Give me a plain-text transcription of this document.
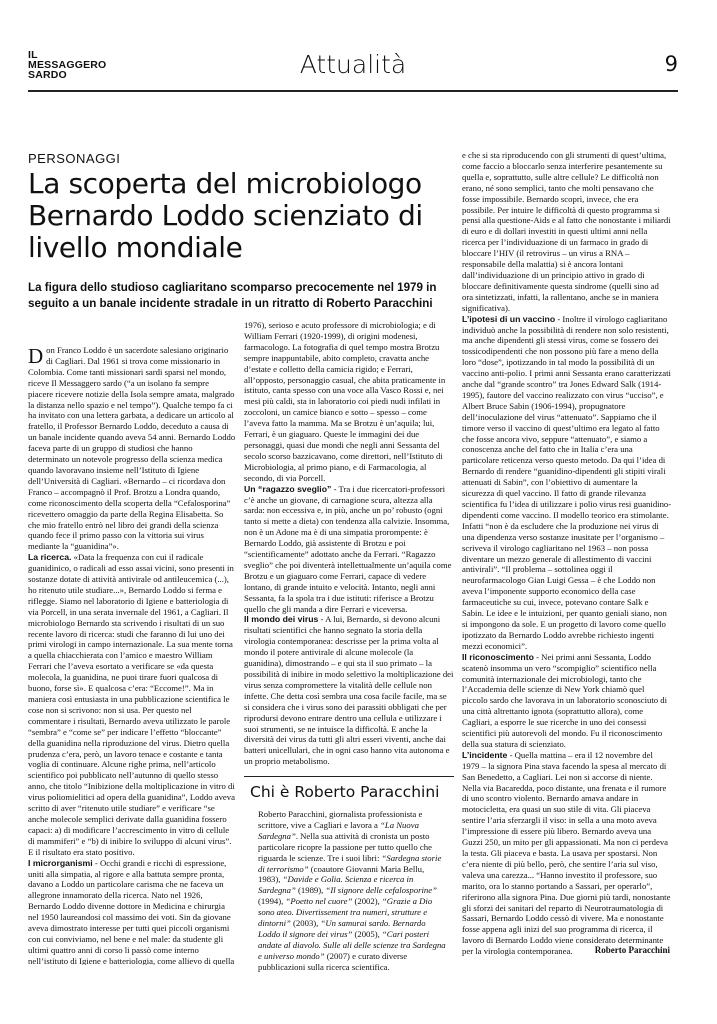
IL
MESSAGGERO
SARDO	Attualità	9
PERSONAGGI
La scoperta del microbiologo Bernardo Loddo scienziato di livello mondiale
La figura dello studioso cagliaritano scomparso precocemente nel 1979 in seguito a un banale incidente stradale in un ritratto di Roberto Paracchini

Don Franco Loddo è un sacerdote salesiano originario di Cagliari. Dal 1961 si trova come missionario in Colombia. Come tanti missionari sardi sparsi nel mondo, riceve Il Messaggero sardo (“a un isolano fa sempre piacere ricevere notizie della Isola sempre amata, malgrado la distanza nello spazio e nel tempo”). Qualche tempo fa ci ha invitato con una lettera garbata, a dedicare un articolo al fratello, il Professor Bernardo Loddo, deceduto a causa di un banale incidente quando aveva 54 anni. Bernardo Loddo faceva parte di un gruppo di studiosi che hanno determinato un notevole progresso della scienza medica quando lavoravano insieme nell’Istituto di Igiene dell’Università di Cagliari. «Bernardo – ci ricordava don Franco – accompagnò il Prof. Brotzu a Londra quando, come riconoscimento della scoperta della “Cefalosporina” ricevettero omaggio da parte della Regina Elisabetta. So che mio fratello entrò nel libro dei grandi della scienza quando fece il primo passo con la vittoria sui virus mediante la “guanidina”».

La ricerca. «Data la frequenza con cui il radicale guanidinico, o radicali ad esso assai vicini, sono presenti in sostanze dotate di attività antivirale od antileucemica (...), ho ritenuto utile studiare...», Bernardo Loddo si ferma e riflegge. Siamo nel laboratorio di Igiene e batteriologia di via Porcell, in una serata invernale del 1961, a Cagliari. Il microbiologo Bernardo sta scrivendo i risultati di un suo recente lavoro di ricerca: studi che faranno di lui uno dei primi virologi in campo internazionale. La sua mente torna a quella chiacchierata con l’amico e maestro William Ferrari che l’aveva esortato a verificare se «da questa molecola, la guanidina, ne puoi tirare fuori qualcosa di buono, forse sì». E qualcosa c’era: “Eccome!”. Ma in maniera così entusiasta in una pubblicazione scientifica le cose non si scrivono: non si usa. Per questo nel commentare i risultati, Bernardo aveva utilizzato le parole “sembra” e “come se” per indicare l’effetto “bloccante” della guanidina nella riproduzione del virus. Dietro quella prudenza c’era, però, un lavoro tenace e costante e tanta voglia di continuare. Alcune righe prima, nell’articolo scientifico poi pubblicato nell’autunno di quello stesso anno, che titolo “Inibizione della moltiplicazione in vitro di virus poliomielitici ad opera della guanidina”, Loddo aveva scritto di aver “ritenuto utile studiare” e verificare “se anche molecole semplici derivate dalla guanidina fossero capaci: a) di modificare l’accrescimento in vitro di cellule di mammiferi” e “b) di inibire lo sviluppo di alcuni virus”. E il risultato era stato positivo.

I microrganismi - Occhi grandi e ricchi di espressione, uniti alla simpatia, al rigore e alla battuta sempre pronta, davano a Loddo un particolare carisma che ne faceva un allegrone innamorato della ricerca. Nato nel 1926, Bernardo Loddo divenne dottore in Medicina e chirurgia nel 1950 laureandosi col massimo dei voti. Sin da giovane aveva dimostrato interesse per tutti quei piccoli organismi con cui conviviamo, nel bene e nel male: da studente gli ultimi quattro anni di corso li passò come interno nell’istituto di Igiene e batteriologia, come allievo di quella

1976), serioso e acuto professore di microbiologia; e di William Ferrari (1920-1999), di origini modenesi, farmacologo. La fotografia di quel tempo mostra Brotzu sempre inappuntabile, abito completo, cravatta anche d’estate e colletto della camicia rigido; e Ferrari, all’opposto, personaggio casual, che abita praticamente in istituto, canta spesso con una voce alla Vasco Rossi e, nei mesi più caldi, sta in laboratorio coi piedi nudi infilati in zoccoloni, un camice bianco e sotto – spesso – come l’aveva fatto la mamma. Ma se Brotzu è un’aquila; lui, Ferrari, è un giaguaro. Queste le immagini dei due personaggi, quasi due mondi che negli anni Sessanta del secolo scorso bazzicavano, come direttori, nell’Istituto di Microbiologia, al primo piano, e di Farmacologia, al secondo, di via Porcell.

Un “ragazzo sveglio” - Tra i due ricercatori-professori c’è anche un giovane, di carnagione scura, altezza alla sarda: non eccessiva e, in più, anche un po’ robusto (ogni tanto si mette a dieta) con tendenza alla calvizie. Insomma, non è un Adone ma è di una simpatia prorompente: è Bernardo Loddo, già assistente di Brotzu e poi “scientificamente” adottato anche da Ferrari. “Ragazzo sveglio” che poi diventerà intellettualmente un’aquila come Brotzu e un giaguaro come Ferrari, capace di vedere lontano, di grande intuito e velocità. Intanto, negli anni Sessanta, fa la spola tra i due istituti: riferisce a Brotzu quello che gli manda a dire Ferrari e viceversa.

Il mondo dei virus - A lui, Bernardo, si devono alcuni risultati scientifici che hanno segnato la storia della virologia contemporanea: descrisse per la prima volta al mondo il potere antivirale di alcune molecole (la guanidina), dimostrando – e qui sta il suo primato – la possibilità di inibire in modo selettivo la moltiplicazione dei virus senza compromettere la vitalità delle cellule non infette. Che detta così sembra una cosa facile facile, ma se si considera che i virus sono dei parassiti obbligati che per riprodursi devono entrare dentro una cellula e utilizzare i suoi strumenti, se ne intuisce la difficoltà. E anche la diversità dei virus da tutti gli altri esseri viventi, anche dai batteri unicellulari, che in ogni caso hanno vita autonoma e un proprio metabolismo.

e che si sta riproducendo con gli strumenti di quest’ultima, come faccio a bloccarlo senza interferire pesantemente su quella e, soprattutto, sulle altre cellule? Le difficoltà non erano, né sono semplici, tanto che molti pensavano che fosse impossibile. Bernardo scoprì, invece, che era possibile. Per intuire le difficoltà di questo programma si pensi alla questione-Aids e al fatto che nonostante i miliardi di euro e di dollari investiti in questi ultimi anni nella ricerca per l’individuazione di un farmaco in grado di bloccare l’HIV (il retrovirus – un virus a RNA – responsabile della malattia) si è ancora lontani dall’individuazione di un principio attivo in grado di bloccare definitivamente questa sindrome (quelli sino ad ora sintetizzati, infatti, la rallentano, anche se in maniera significativa).

L’ipotesi di un vaccino - Inoltre il virologo cagliaritano individuò anche la possibilità di rendere non solo resistenti, ma anche dipendenti gli stessi virus, come se fossero dei tossicodipendenti che non possono più fare a meno della loro “dose”, ipotizzando in tal modo la possibilità di un vaccino anti-polio. I primi anni Sessanta erano caratterizzati anche dal “grande scontro” tra Jones Edward Salk (1914-1995), fautore del vaccino realizzato con virus “ucciso”, e Albert Bruce Sabin (1906-1994), propugnatore dell’inoculazione del virus “attenuato”. Sappiamo che il timore verso il vaccino di quest’ultimo era legato al fatto che fosse ancora vivo, seppure “attenuato”, e siamo a conoscenza anche del fatto che in Italia c’era una particolare reticenza verso questo metodo. Da qui l’idea di Bernardo di rendere “guanidino-dipendenti gli stipiti virali attenuati di Sabin”, con l’obiettivo di aumentare la sicurezza di quel vaccino. Il fatto di grande rilevanza scientifica fu l’idea di utilizzare i polio virus resi guanidino-dipendenti come vaccino. Il modello teorico era stimolante. Infatti “non è da escludere che la produzione nei virus di una dipendenza verso sostanze inusitate per l’organismo – scriveva il virologo cagliaritano nel 1963 – non possa diventare un mezzo generale di allestimento di vaccini antivirali”. “Il problema – sottolinea oggi il neurofarmacologo Gian Luigi Gessa – è che Loddo non aveva l’imponente supporto economico della case farmaceutiche su cui, invece, potevano contare Salk e Sabin. Le idee e le intuizioni, per quanto geniali siano, non si impongono da sole. E un progetto di lavoro come quello ipotizzato da Bernardo Loddo avrebbe richiesto ingenti mezzi economici”.

Il riconoscimento - Nei primi anni Sessanta, Loddo scatenò insomma un vero “scompiglio” scientifico nella comunità internazionale dei microbiologi, tanto che l’Accademia delle scienze di New York chiamò quel piccolo sardo che lavorava in un laboratorio sconosciuto di una città altrettanto ignota (soprattutto allora), come Cagliari, a esporre le sue ricerche in uno dei consessi scientifici più autorevoli del mondo. Fu il riconoscimento della sua statura di scienziato.

L’incidente - Quella mattina – era il 12 novembre del 1979 – la signora Pina stava facendo la spesa al mercato di San Benedetto, a Cagliari. Lei non si accorse di niente. Nella via Bacaredda, poco distante, una frenata e il rumore di uno scontro violento. Bernardo amava andare in motocicletta, era quasi un suo stile di vita. Gli piaceva sentire l’aria sferzargli il viso: in sella a una moto aveva l’impressione di essere più libero. Bernardo aveva una Guzzi 250, un mito per gli appassionati. Ma non ci perdeva la testa. Gli piaceva e basta. La usava per spostarsi. Non c’era niente di più bello, però, che sentire l’aria sul viso, valeva una carezza... “Hanno investito il professore, suo marito, ora lo stanno portando a Sassari, per operarlo”, riferirono alla signora Pina. Due giorni più tardi, nonostante gli sforzi dei sanitari del reparto di Neurotraumatologia di Sassari, Bernardo Loddo cessò di vivere. Ma e nonostante fosse appena agli inizi del suo programma di ricerca, il lavoro di Bernardo Loddo viene considerato determinante per la virologia contemporanea.

Chi è Roberto Paracchini
Roberto Paracchini, giornalista professionista e scrittore, vive a Cagliari e lavora a “La Nuova Sardegna”. Nella sua attività di cronista un posto particolare ricopre la passione per tutto quello che riguarda le scienze. Tre i suoi libri: “Sardegna storie di terrorismo” (coautore Giovanni Maria Bellu, 1983), “Davide e Golia. Scienza e ricerca in Sardegna” (1989), “Il signore delle cefalosporine” (1994), “Poetto nel cuore” (2002), “Grazie a Dio sono ateo. Divertissement tra numeri, strutture e dintorni” (2003), “Un samurai sardo. Bernardo Loddo il signore dei virus” (2005), “Cari posteri andate al diavolo. Sulle ali delle scienze tra Sardegna e universo mondo” (2007) e curato diverse pubblicazioni sulla ricerca scientifica.
Roberto Paracchini
